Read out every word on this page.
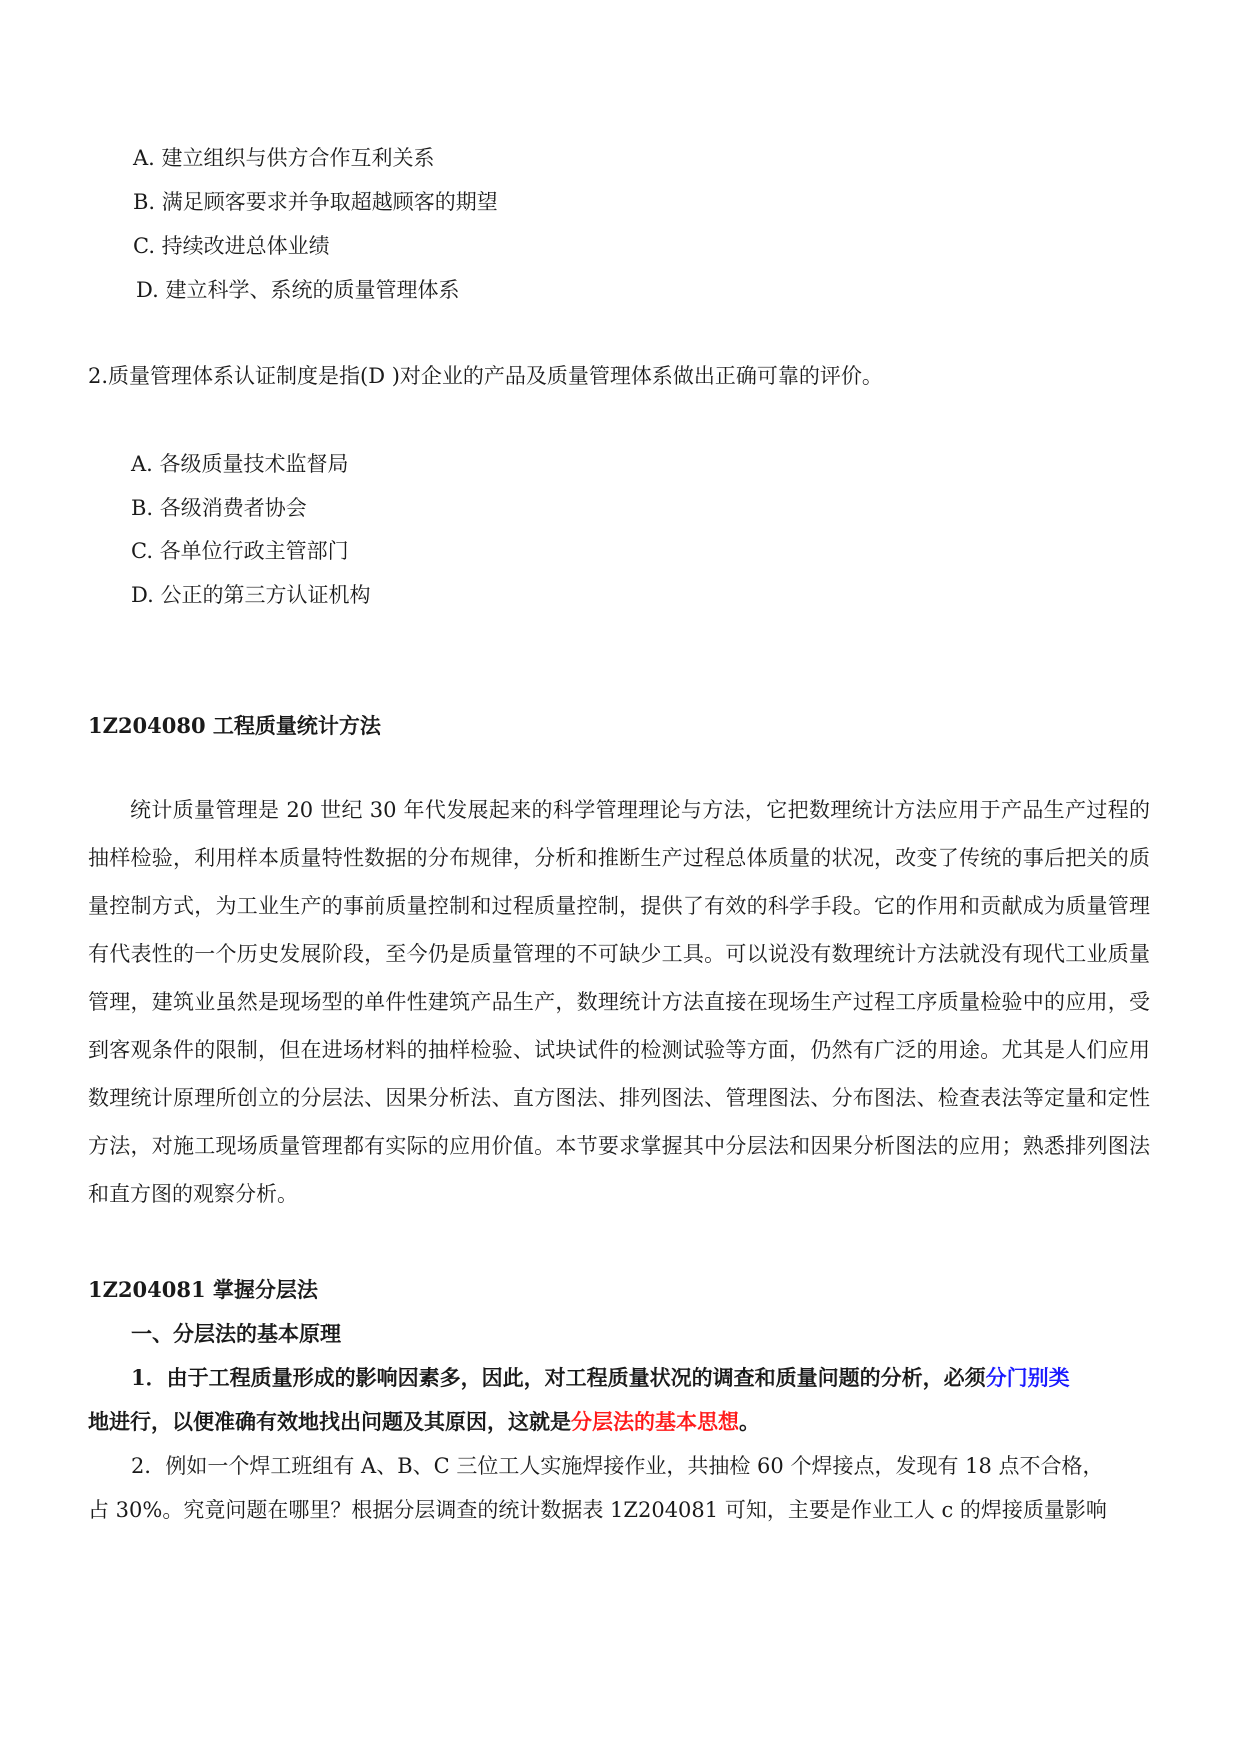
A. 建立组织与供方合作互利关系
B. 满足顾客要求并争取超越顾客的期望
C. 持续改进总体业绩
D. 建立科学、系统的质量管理体系
2.质量管理体系认证制度是指(D )对企业的产品及质量管理体系做出正确可靠的评价。
A. 各级质量技术监督局
B. 各级消费者协会
C. 各单位行政主管部门
D. 公正的第三方认证机构
1Z204080 工程质量统计方法
统计质量管理是 20 世纪 30 年代发展起来的科学管理理论与方法，它把数理统计方法应用于产品生产过程的抽样检验，利用样本质量特性数据的分布规律，分析和推断生产过程总体质量的状况，改变了传统的事后把关的质量控制方式，为工业生产的事前质量控制和过程质量控制，提供了有效的科学手段。它的作用和贡献成为质量管理有代表性的一个历史发展阶段，至今仍是质量管理的不可缺少工具。可以说没有数理统计方法就没有现代工业质量管理，建筑业虽然是现场型的单件性建筑产品生产，数理统计方法直接在现场生产过程工序质量检验中的应用，受到客观条件的限制，但在进场材料的抽样检验、试块试件的检测试验等方面，仍然有广泛的用途。尤其是人们应用数理统计原理所创立的分层法、因果分析法、直方图法、排列图法、管理图法、分布图法、检查表法等定量和定性方法，对施工现场质量管理都有实际的应用价值。本节要求掌握其中分层法和因果分析图法的应用；熟悉排列图法和直方图的观察分析。
1Z204081 掌握分层法
一、分层法的基本原理
1．由于工程质量形成的影响因素多，因此，对工程质量状况的调查和质量问题的分析，必须分门别类
地进行，以便准确有效地找出问题及其原因，这就是分层法的基本思想。
2．例如一个焊工班组有 A、B、C 三位工人实施焊接作业，共抽检 60 个焊接点，发现有 18 点不合格，
占 30%。究竟问题在哪里？根据分层调查的统计数据表 1Z204081 可知，主要是作业工人 c 的焊接质量影响
